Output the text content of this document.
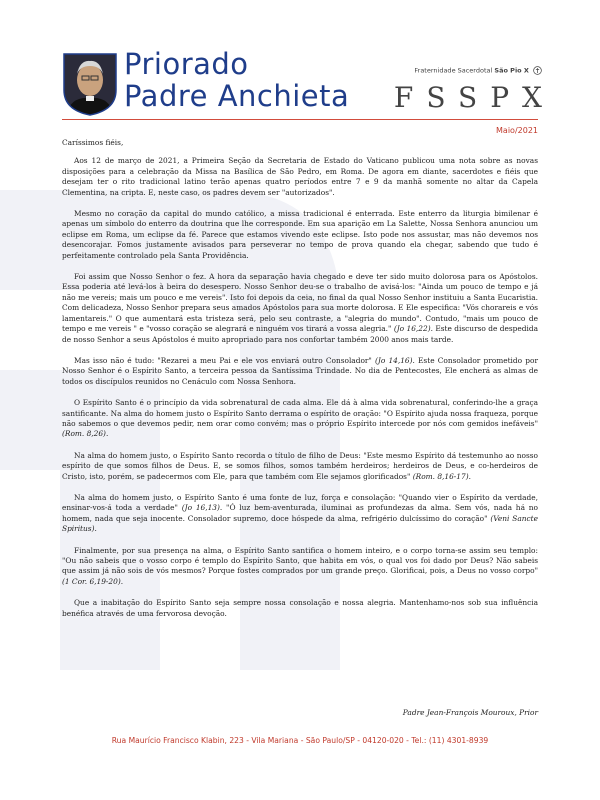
Priorado
Padre Anchieta
Fraternidade Sacerdotal São Pio X
FSSPX
Maio/2021

Caríssimos fiéis,

Aos 12 de março de 2021, a Primeira Seção da Secretaria de Estado do Vaticano publicou uma nota sobre as novas disposições para a celebração da Missa na Basílica de São Pedro, em Roma. De agora em diante, sacerdotes e fiéis que desejam ter o rito tradicional latino terão apenas quatro períodos entre 7 e 9 da manhã somente no altar da Capela Clementina, na cripta. E, neste caso, os padres devem ser "autorizados".

Mesmo no coração da capital do mundo católico, a missa tradicional é enterrada. Este enterro da liturgia bimilenar é apenas um símbolo do enterro da doutrina que lhe corresponde. Em sua aparição em La Salette, Nossa Senhora anunciou um eclipse em Roma, um eclipse da fé. Parece que estamos vivendo este eclipse. Isto pode nos assustar, mas não devemos nos desencorajar. Fomos justamente avisados para perseverar no tempo de prova quando ela chegar, sabendo que tudo é perfeitamente controlado pela Santa Providência.

Foi assim que Nosso Senhor o fez. A hora da separação havia chegado e deve ter sido muito dolorosa para os Apóstolos. Essa poderia até levá-los à beira do desespero. Nosso Senhor deu-se o trabalho de avisá-los: "Ainda um pouco de tempo e já não me vereis; mais um pouco e me vereis". Isto foi depois da ceia, no final da qual Nosso Senhor instituiu a Santa Eucaristia. Com delicadeza, Nosso Senhor prepara seus amados Apóstolos para sua morte dolorosa. E Ele especifica: "Vós chorareis e vós lamentareis." O que aumentará esta tristeza será, pelo seu contraste, a "alegria do mundo". Contudo, "mais um pouco de tempo e me vereis " e "vosso coração se alegrará e ninguém vos tirará a vossa alegria." (Jo 16,22). Este discurso de despedida de nosso Senhor a seus Apóstolos é muito apropriado para nos confortar também 2000 anos mais tarde.

Mas isso não é tudo: "Rezarei a meu Pai e ele vos enviará outro Consolador" (Jo 14,16). Este Consolador prometido por Nosso Senhor é o Espírito Santo, a terceira pessoa da Santíssima Trindade. No dia de Pentecostes, Ele encherá as almas de todos os discípulos reunidos no Cenáculo com Nossa Senhora.

O Espírito Santo é o princípio da vida sobrenatural de cada alma. Ele dá à alma vida sobrenatural, conferindo-lhe a graça santificante. Na alma do homem justo o Espírito Santo derrama o espírito de oração: "O Espírito ajuda nossa fraqueza, porque não sabemos o que devemos pedir, nem orar como convém; mas o próprio Espírito intercede por nós com gemidos inefáveis" (Rom. 8,26).

Na alma do homem justo, o Espírito Santo recorda o título de filho de Deus: "Este mesmo Espírito dá testemunho ao nosso espírito de que somos filhos de Deus. E, se somos filhos, somos também herdeiros; herdeiros de Deus, e co-herdeiros de Cristo, isto, porém, se padecermos com Ele, para que também com Ele sejamos glorificados" (Rom. 8,16-17).

Na alma do homem justo, o Espírito Santo é uma fonte de luz, força e consolação: "Quando vier o Espírito da verdade, ensinar-vos-á toda a verdade" (Jo 16,13). "Ó luz bem-aventurada, iluminai as profundezas da alma. Sem vós, nada há no homem, nada que seja inocente. Consolador supremo, doce hóspede da alma, refrigério dulcíssimo do coração" (Veni Sancte Spiritus).

Finalmente, por sua presença na alma, o Espírito Santo santifica o homem inteiro, e o corpo torna-se assim seu templo: "Ou não sabeis que o vosso corpo é templo do Espírito Santo, que habita em vós, o qual vos foi dado por Deus? Não sabeis que assim já não sois de vós mesmos? Porque fostes comprados por um grande preço. Glorificai, pois, a Deus no vosso corpo" (1 Cor. 6,19-20).

Que a inabitação do Espírito Santo seja sempre nossa consolação e nossa alegria. Mantenhamo-nos sob sua influência benéfica através de uma fervorosa devoção.

Padre Jean-François Mouroux, Prior
Rua Maurício Francisco Klabin, 223 - Vila Mariana - São Paulo/SP - 04120-020 - Tel.: (11) 4301-8939
